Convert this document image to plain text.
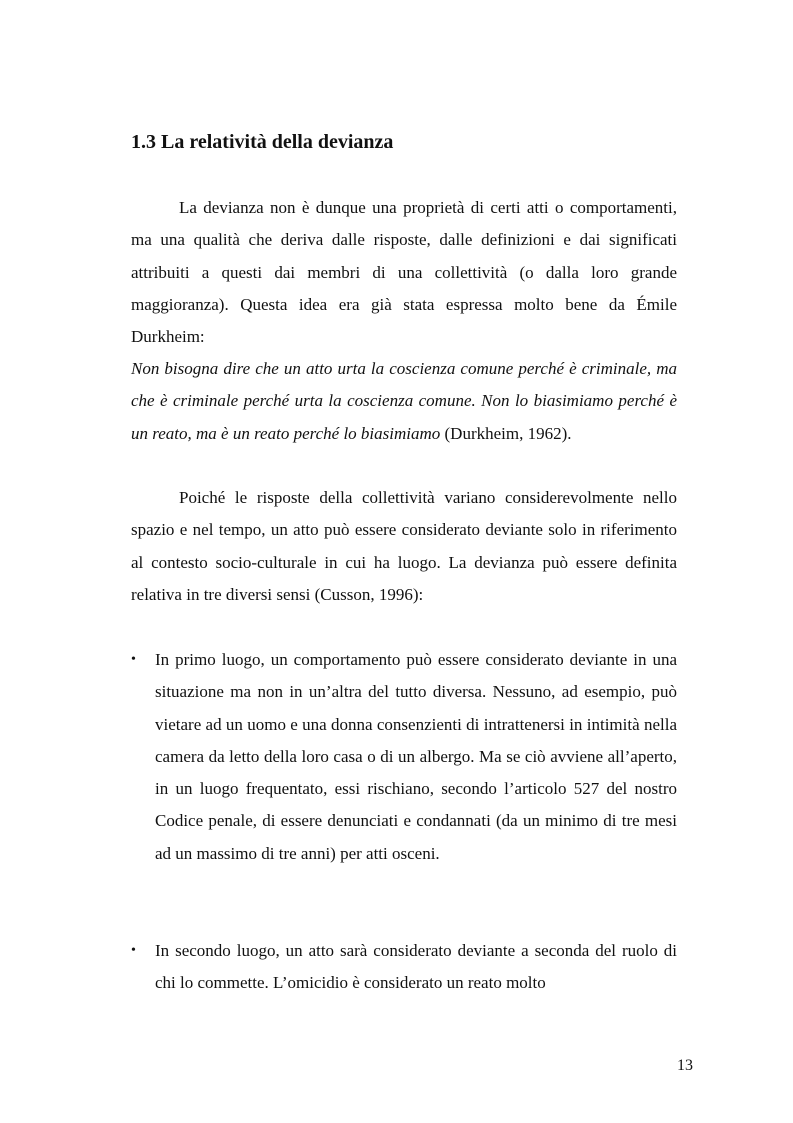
1.3 La relatività della devianza

La devianza non è dunque una proprietà di certi atti o comportamenti, ma una qualità che deriva dalle risposte, dalle definizioni e dai significati attribuiti a questi dai membri di una collettività (o dalla loro grande maggioranza). Questa idea era già stata espressa molto bene da Émile Durkheim:

Non bisogna dire che un atto urta la coscienza comune perché è criminale, ma che è criminale perché urta la coscienza comune. Non lo biasimiamo perché è un reato, ma è un reato perché lo biasimiamo (Durkheim, 1962).

Poiché le risposte della collettività variano considerevolmente nello spazio e nel tempo, un atto può essere considerato deviante solo in riferimento al contesto socio-culturale in cui ha luogo. La devianza può essere definita relativa in tre diversi sensi (Cusson, 1996):

• In primo luogo, un comportamento può essere considerato deviante in una situazione ma non in un’altra del tutto diversa. Nessuno, ad esempio, può vietare ad un uomo e una donna consenzienti di intrattenersi in intimità nella camera da letto della loro casa o di un albergo. Ma se ciò avviene all’aperto, in un luogo frequentato, essi rischiano, secondo l’articolo 527 del nostro Codice penale, di essere denunciati e condannati (da un minimo di tre mesi ad un massimo di tre anni) per atti osceni.
• In secondo luogo, un atto sarà considerato deviante a seconda del ruolo di chi lo commette. L’omicidio è considerato un reato molto
13
